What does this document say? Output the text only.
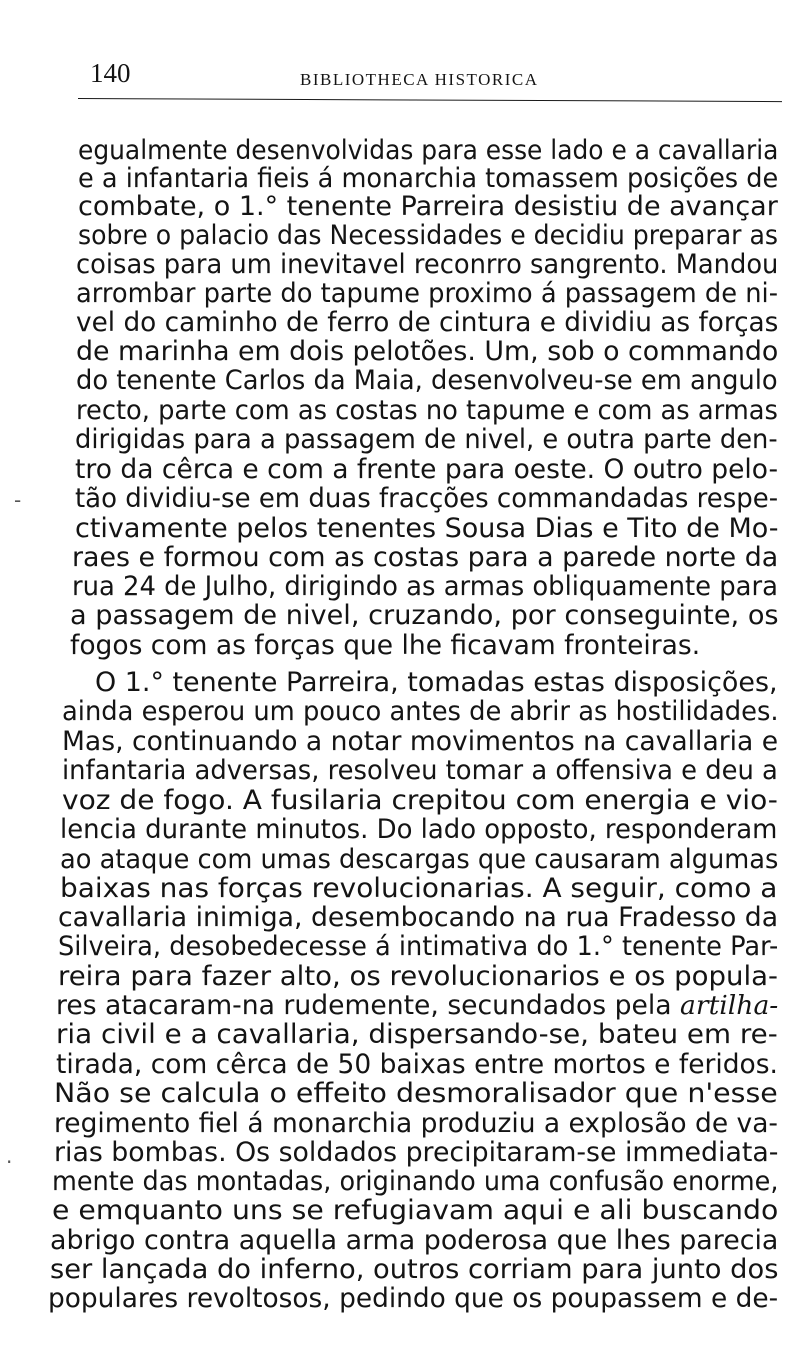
140	BIBLIOTHECA HISTORICA
egualmente desenvolvidas para esse lado e a cavallaria
e a infantaria fieis á monarchia tomassem posições de
combate, o 1.° tenente Parreira desistiu de avançar
sobre o palacio das Necessidades e decidiu preparar as
coisas para um inevitavel reconrro sangrento. Mandou
arrombar parte do tapume proximo á passagem de ni-
vel do caminho de ferro de cintura e dividiu as forças
de marinha em dois pelotões. Um, sob o commando
do tenente Carlos da Maia, desenvolveu-se em angulo
recto, parte com as costas no tapume e com as armas
dirigidas para a passagem de nivel, e outra parte den-
tro da cêrca e com a frente para oeste. O outro pelo-
tão dividiu-se em duas fracções commandadas respe-
ctivamente pelos tenentes Sousa Dias e Tito de Mo-
raes e formou com as costas para a parede norte da
rua 24 de Julho, dirigindo as armas obliquamente para
a passagem de nivel, cruzando, por conseguinte, os
fogos com as forças que lhe ficavam fronteiras.
O 1.° tenente Parreira, tomadas estas disposições,
ainda esperou um pouco antes de abrir as hostilidades.
Mas, continuando a notar movimentos na cavallaria e
infantaria adversas, resolveu tomar a offensiva e deu a
voz de fogo. A fusilaria crepitou com energia e vio-
lencia durante minutos. Do lado opposto, responderam
ao ataque com umas descargas que causaram algumas
baixas nas forças revolucionarias. A seguir, como a
cavallaria inimiga, desembocando na rua Fradesso da
Silveira, desobedecesse á intimativa do 1.° tenente Par-
reira para fazer alto, os revolucionarios e os popula-
res atacaram-na rudemente, secundados pela artilha-
ria civil e a cavallaria, dispersando-se, bateu em re-
tirada, com cêrca de 50 baixas entre mortos e feridos.
Não se calcula o effeito desmoralisador que n'esse
regimento fiel á monarchia produziu a explosão de va-
rias bombas. Os soldados precipitaram-se immediata-
mente das montadas, originando uma confusão enorme,
e emquanto uns se refugiavam aqui e ali buscando
abrigo contra aquella arma poderosa que lhes parecia
ser lançada do inferno, outros corriam para junto dos
populares revoltosos, pedindo que os poupassem e de-
-
·
